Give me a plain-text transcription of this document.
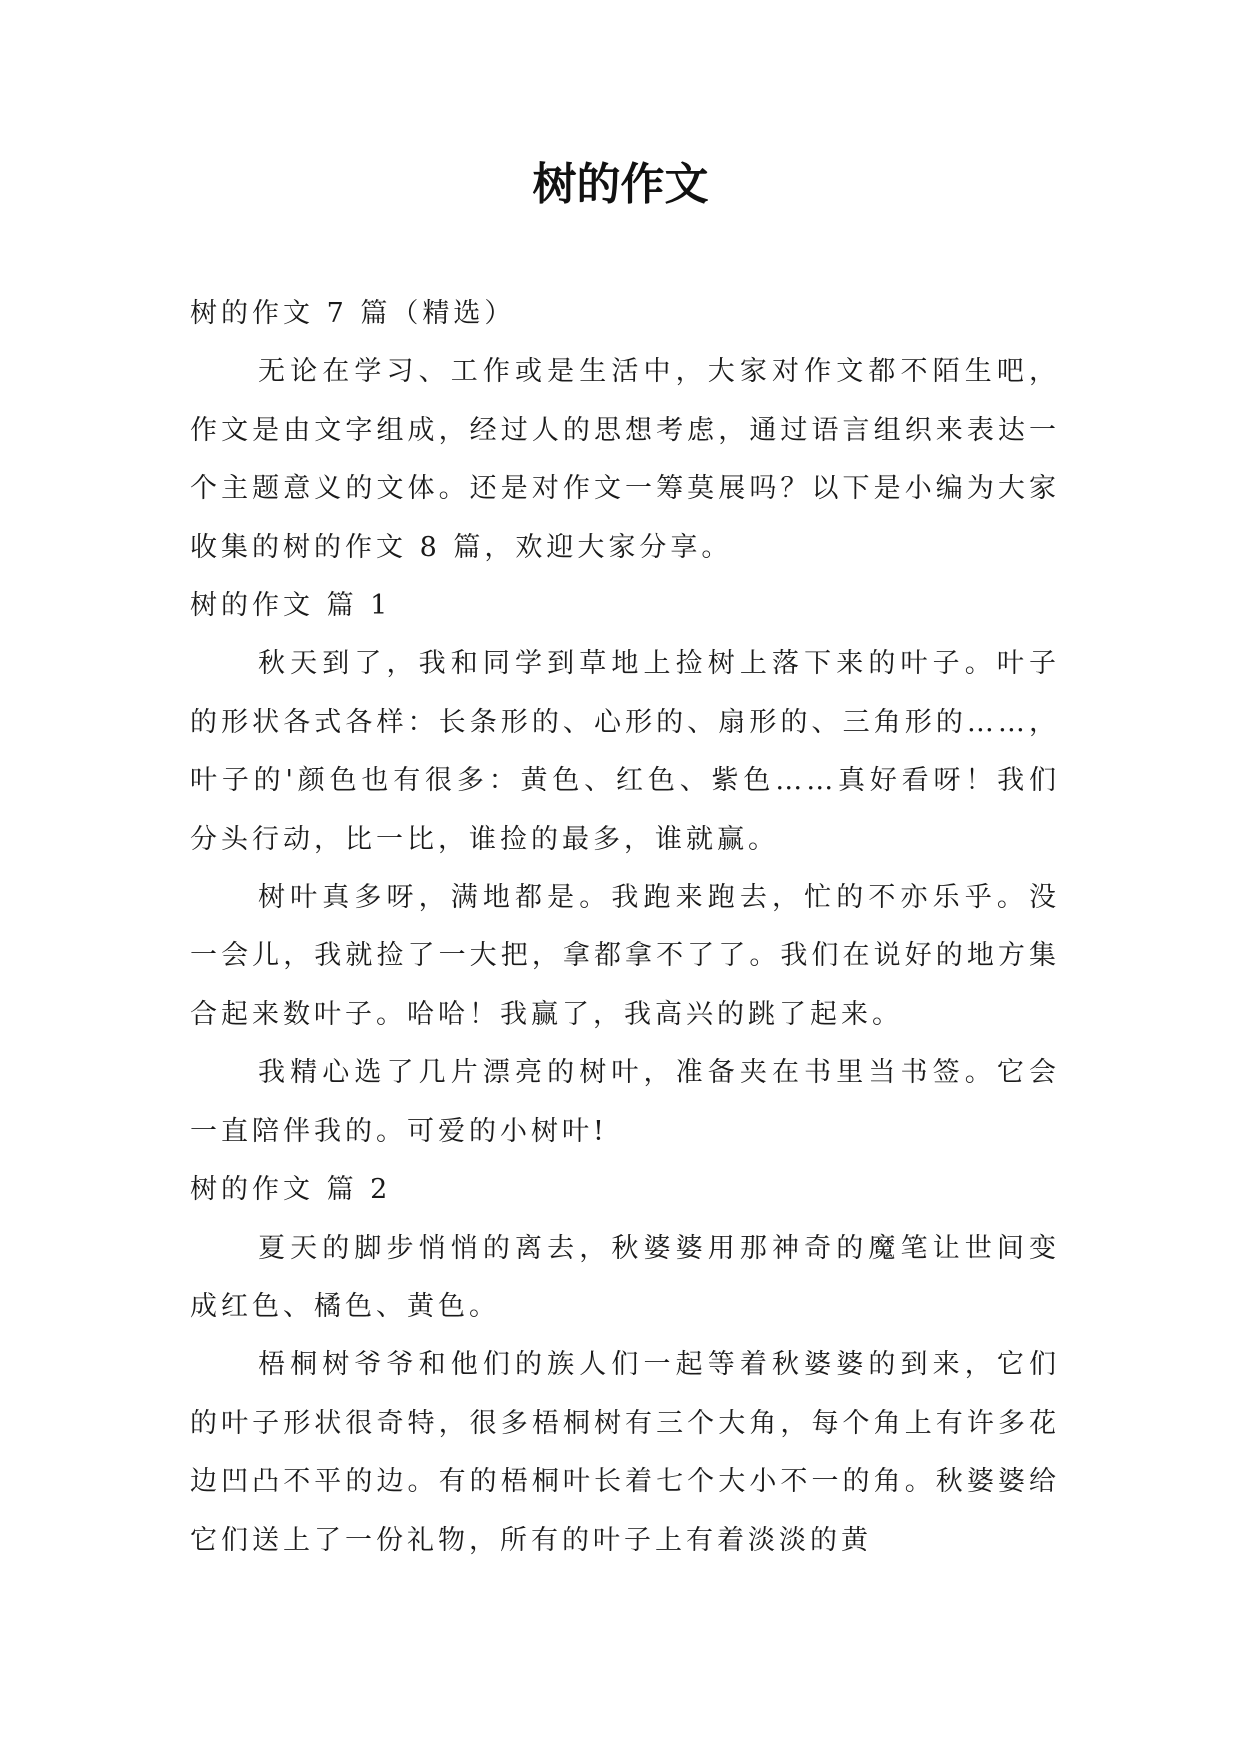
树的作文

树的作文 7 篇（精选）

无论在学习、工作或是生活中，大家对作文都不陌生吧，作文是由文字组成，经过人的思想考虑，通过语言组织来表达一个主题意义的文体。还是对作文一筹莫展吗？以下是小编为大家收集的树的作文 8 篇，欢迎大家分享。

树的作文 篇 1

秋天到了，我和同学到草地上捡树上落下来的叶子。叶子的形状各式各样：长条形的、心形的、扇形的、三角形的……，叶子的'颜色也有很多：黄色、红色、紫色……真好看呀！我们分头行动，比一比，谁捡的最多，谁就赢。

树叶真多呀，满地都是。我跑来跑去，忙的不亦乐乎。没一会儿，我就捡了一大把，拿都拿不了了。我们在说好的地方集合起来数叶子。哈哈！我赢了，我高兴的跳了起来。

我精心选了几片漂亮的树叶，准备夹在书里当书签。它会一直陪伴我的。可爱的小树叶!

树的作文 篇 2

夏天的脚步悄悄的离去，秋婆婆用那神奇的魔笔让世间变成红色、橘色、黄色。

梧桐树爷爷和他们的族人们一起等着秋婆婆的到来，它们的叶子形状很奇特，很多梧桐树有三个大角，每个角上有许多花边凹凸不平的边。有的梧桐叶长着七个大小不一的角。秋婆婆给它们送上了一份礼物，所有的叶子上有着淡淡的黄
